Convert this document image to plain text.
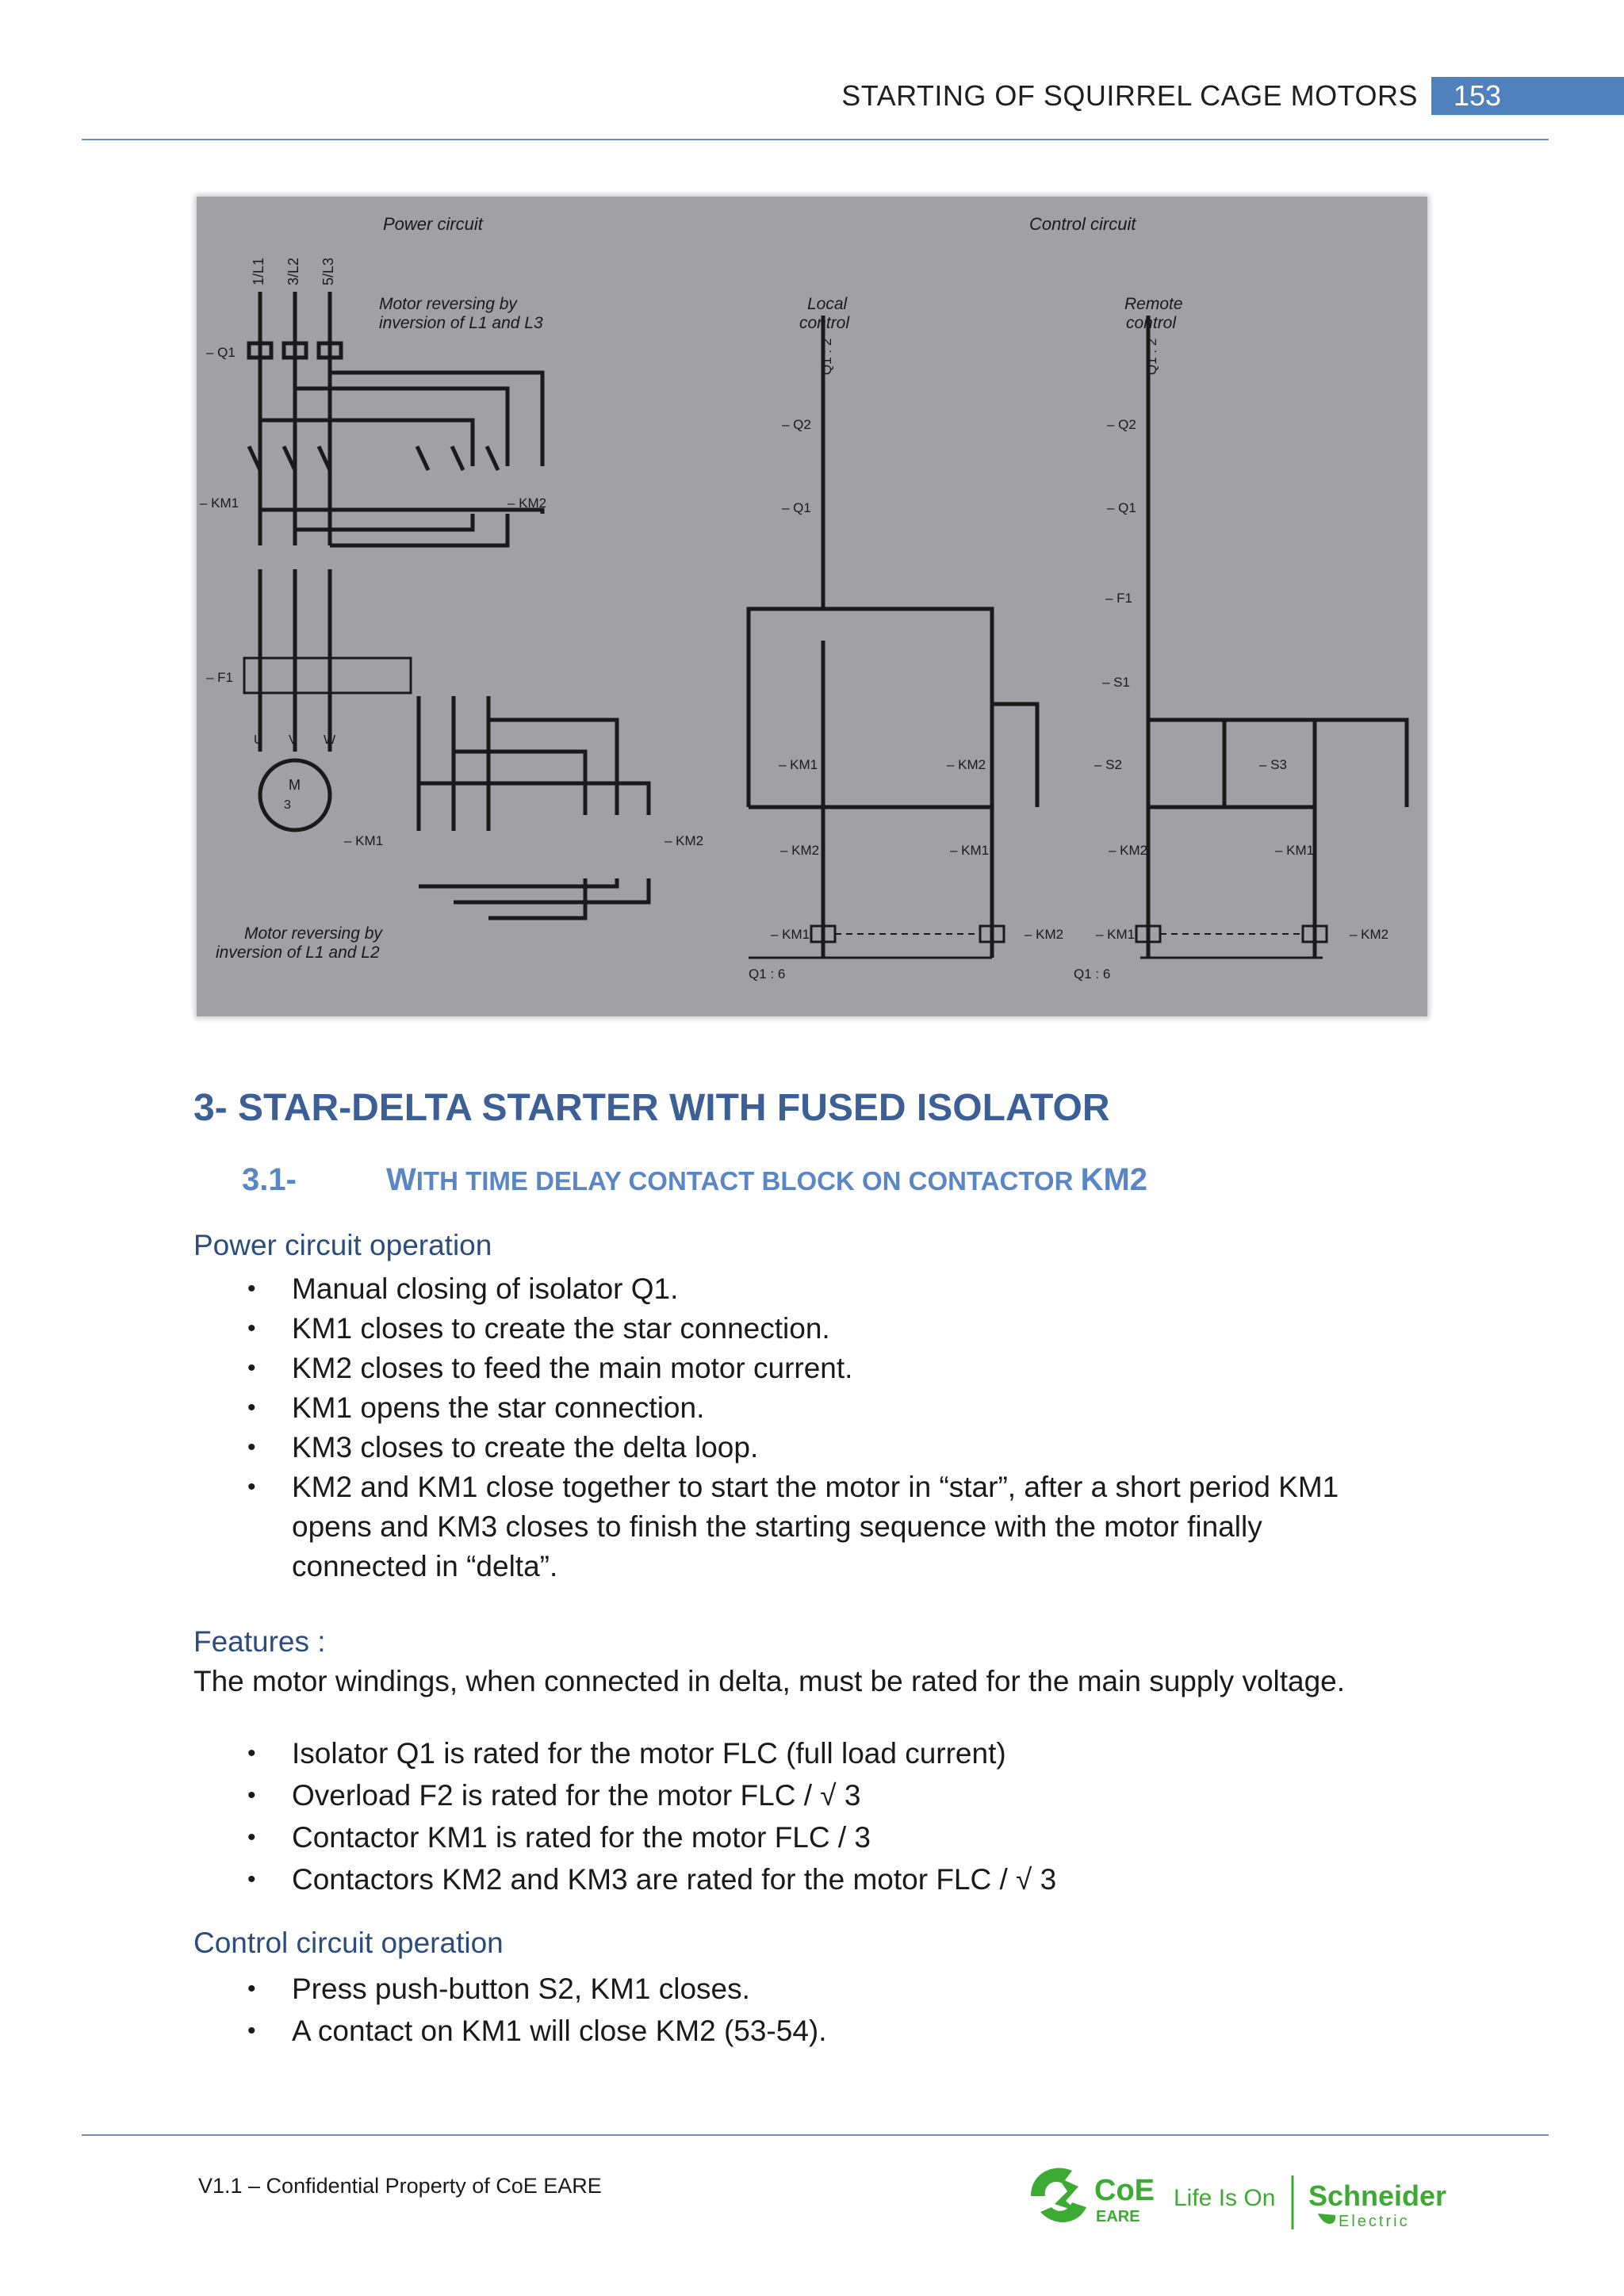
STARTING OF SQUIRREL CAGE MOTORS	153
Power circuit	Control circuit
Motor reversing by
inversion of L1 and L3
Motor reversing by
inversion of L1 and L2
Local
control
Remote
control
1/L1 3/L2 5/L3
– Q1
– KM1	– KM2
– F1
– KM1	– KM2
M
3
U V W
Q1 : 2	Q1 : 2
– Q2	– Q2
– Q1	– Q1
– F1
– S1
– S2	– S3
– KM1	– KM2
– KM2	– KM1	– KM2	– KM1
– KM1	– KM2 – KM1	– KM2
Q1 : 6	Q1 : 6
3- STAR-DELTA STARTER WITH FUSED ISOLATOR
3.1-	WITH TIME DELAY CONTACT BLOCK ON CONTACTOR KM2
Power circuit operation
• Manual closing of isolator Q1.
• KM1 closes to create the star connection.
• KM2 closes to feed the main motor current.
• KM1 opens the star connection.
• KM3 closes to create the delta loop.
• KM2 and KM1 close together to start the motor in “star”, after a short period KM1 opens and KM3 closes to finish the starting sequence with the motor finally connected in “delta”.
Features :
The motor windings, when connected in delta, must be rated for the main supply voltage.
• Isolator Q1 is rated for the motor FLC (full load current)
• Overload F2 is rated for the motor FLC / √ 3
• Contactor KM1 is rated for the motor FLC / 3
• Contactors KM2 and KM3 are rated for the motor FLC / √ 3
Control circuit operation
• Press push-button S2, KM1 closes.
• A contact on KM1 will close KM2 (53-54).
V1.1 – Confidential Property of CoE EARE	CoE
EARE
Life Is On Schneider
Electric
